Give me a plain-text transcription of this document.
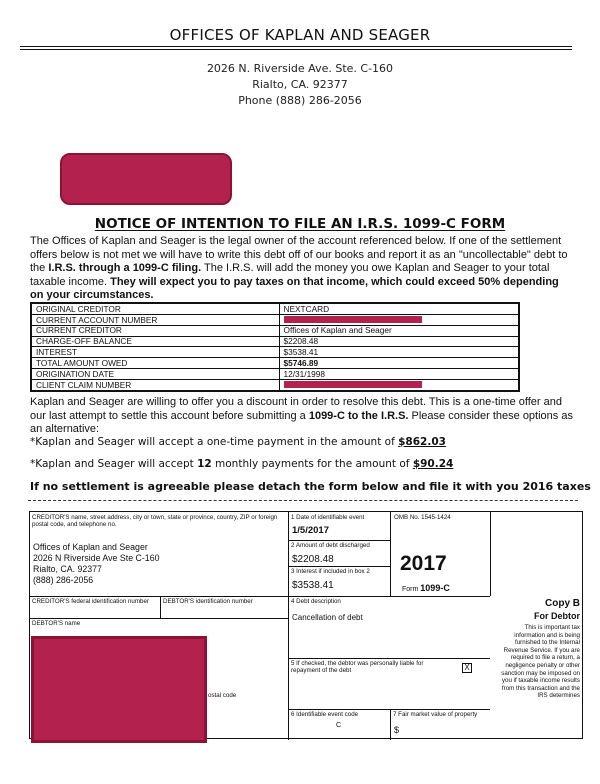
OFFICES OF KAPLAN AND SEAGER
2026 N. Riverside Ave. Ste. C-160
Rialto, CA. 92377
Phone (888) 286-2056
NOTICE OF INTENTION TO FILE AN I.R.S. 1099-C FORM
The Offices of Kaplan and Seager is the legal owner of the account referenced below. If one of the settlement offers below is not met we will have to write this debt off of our books and report it as an "uncollectable" debt to the I.R.S. through a 1099-C filing. The I.R.S. will add the money you owe Kaplan and Seager to your total taxable income. They will expect you to pay taxes on that income, which could exceed 50% depending on your circumstances.
ORIGINAL CREDITOR	NEXTCARD
CURRENT ACCOUNT NUMBER	

CURRENT CREDITOR	Offices of Kaplan and Seager
CHARGE-OFF BALANCE	$2208.48
INTEREST	$3538.41
TOTAL AMOUNT OWED	$5746.89
ORIGINATION DATE	12/31/1998
CLIENT CLAIM NUMBER	
Kaplan and Seager are willing to offer you a discount in order to resolve this debt. This is a one-time offer and our last attempt to settle this account before submitting a 1099-C to the I.R.S. Please consider these options as an alternative:
*Kaplan and Seager will accept a one-time payment in the amount of $862.03
*Kaplan and Seager will accept 12 monthly payments for the amount of $90.24
If no settlement is agreeable please detach the form below and file it with you 2016 taxes
CREDITOR'S name, street address, city or town, state or province, country, ZIP or foreign postal code, and telephone no.
Offices of Kaplan and Seager
2026 N Riverside Ave Ste C-160
Rialto, CA. 92377
(888) 286-2056
1 Date of identifiable event
1/5/2017
OMB No. 1545-1424
2 Amount of debt discharged
$2208.48
3 Interest if included in box 2
$3538.41
2017
Form 1099-C
CREDITOR'S federal identification number	DEBTOR'S identification number	4 Debt description
Cancellation of debt
DEBTOR'S name
ostal code
5 If checked, the debtor was personally liable for repayment of the debt	X
6 Identifiable event code
C
7 Fair market value of property
$
Copy B
For Debtor
This is important tax information and is being furnished to the Internal Revenue Service. If you are required to file a return, a negligence penalty or other sanction may be imposed on you if taxable income results from this transaction and the IRS determines
